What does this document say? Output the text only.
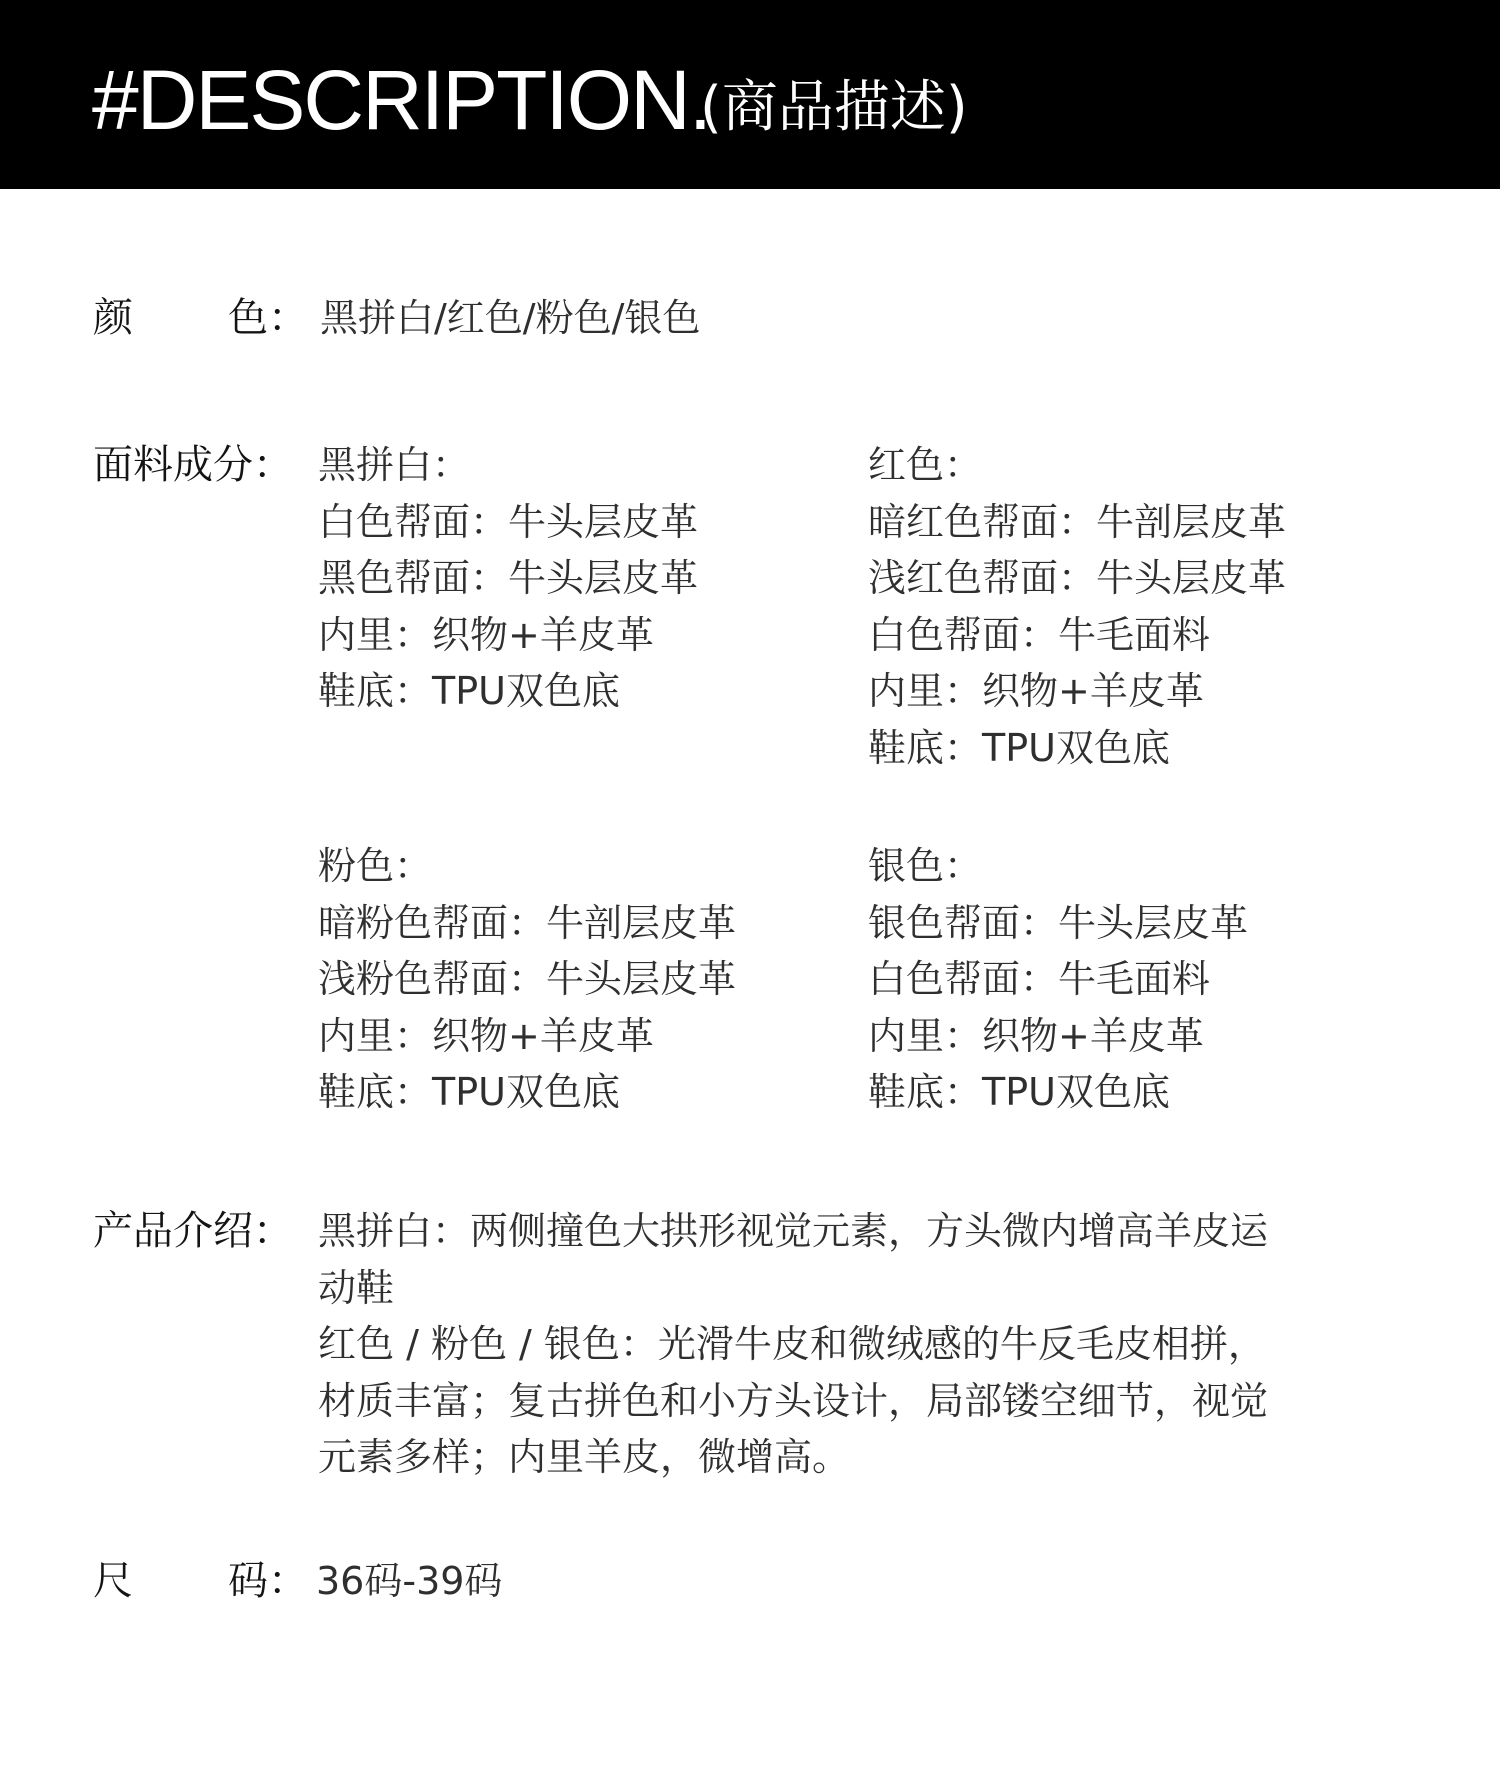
#DESCRIPTION.
(商品描述)
颜 色： 黑拼白/红色/粉色/银色
面料成分： 黑拼白：
白色帮面：牛头层皮革
黑色帮面：牛头层皮革
内里：织物+羊皮革
鞋底：TPU双色底
红色：
暗红色帮面：牛剖层皮革
浅红色帮面：牛头层皮革
白色帮面：牛毛面料
内里：织物+羊皮革
鞋底：TPU双色底
粉色：
暗粉色帮面：牛剖层皮革
浅粉色帮面：牛头层皮革
内里：织物+羊皮革
鞋底：TPU双色底
银色：
银色帮面：牛头层皮革
白色帮面：牛毛面料
内里：织物+羊皮革
鞋底：TPU双色底
产品介绍： 黑拼白：两侧撞色大拱形视觉元素，方头微内增高羊皮运
动鞋
红色 / 粉色 / 银色：光滑牛皮和微绒感的牛反毛皮相拼，
材质丰富；复古拼色和小方头设计，局部镂空细节，视觉
元素多样；内里羊皮，微增高。
尺 码： 36码-39码
